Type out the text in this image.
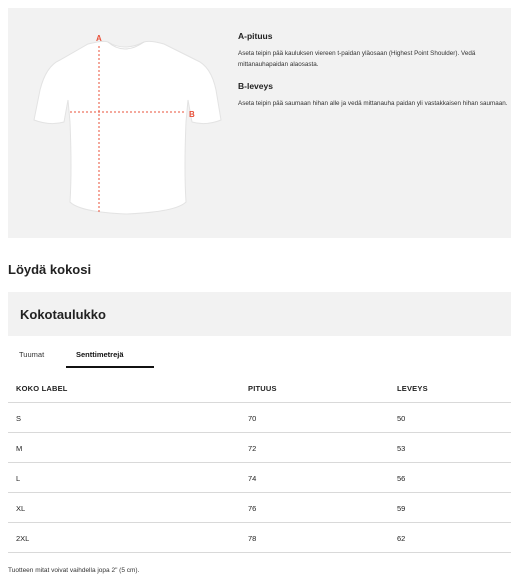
A
B
A-pituus
Aseta teipin pää kauluksen viereen t-paidan yläosaan (Highest Point Shoulder). Vedä mittanauhapaidan alaosasta.
B-leveys
Aseta teipin pää saumaan hihan alle ja vedä mittanauha paidan yli vastakkaisen hihan saumaan.
Löydä kokosi
Kokotaulukko
Tuumat	Senttimetrejä
KOKO LABEL	PITUUS	LEVEYS
S	70	50
M	72	53
L	74	56
XL	76	59
2XL	78	62
Tuotteen mitat voivat vaihdella jopa 2" (5 cm).
